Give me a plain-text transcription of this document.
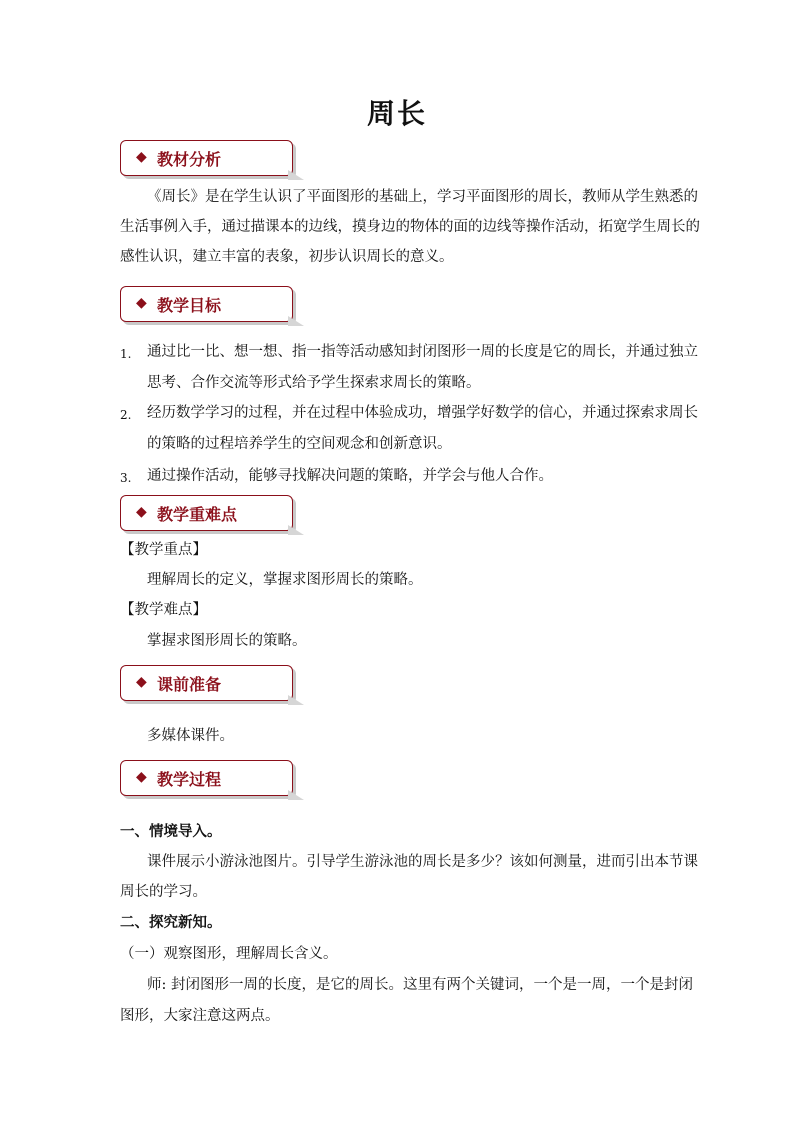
周长
◆ 教材分析
《周长》是在学生认识了平面图形的基础上，学习平面图形的周长，教师从学生熟悉的
生活事例入手，通过描课本的边线，摸身边的物体的面的边线等操作活动，拓宽学生周长的
感性认识，建立丰富的表象，初步认识周长的意义。
◆ 教学目标
1. 通过比一比、想一想、指一指等活动感知封闭图形一周的长度是它的周长，并通过独立
思考、合作交流等形式给予学生探索求周长的策略。
2. 经历数学学习的过程，并在过程中体验成功，增强学好数学的信心，并通过探索求周长
的策略的过程培养学生的空间观念和创新意识。
3. 通过操作活动，能够寻找解决问题的策略，并学会与他人合作。
◆ 教学重难点
【教学重点】
理解周长的定义，掌握求图形周长的策略。
【教学难点】
掌握求图形周长的策略。
◆ 课前准备
多媒体课件。
◆ 教学过程
一、情境导入。
课件展示小游泳池图片。引导学生游泳池的周长是多少？该如何测量，进而引出本节课
周长的学习。
二、探究新知。
（一）观察图形，理解周长含义。
师: 封闭图形一周的长度，是它的周长。这里有两个关键词，一个是一周，一个是封闭
图形，大家注意这两点。
